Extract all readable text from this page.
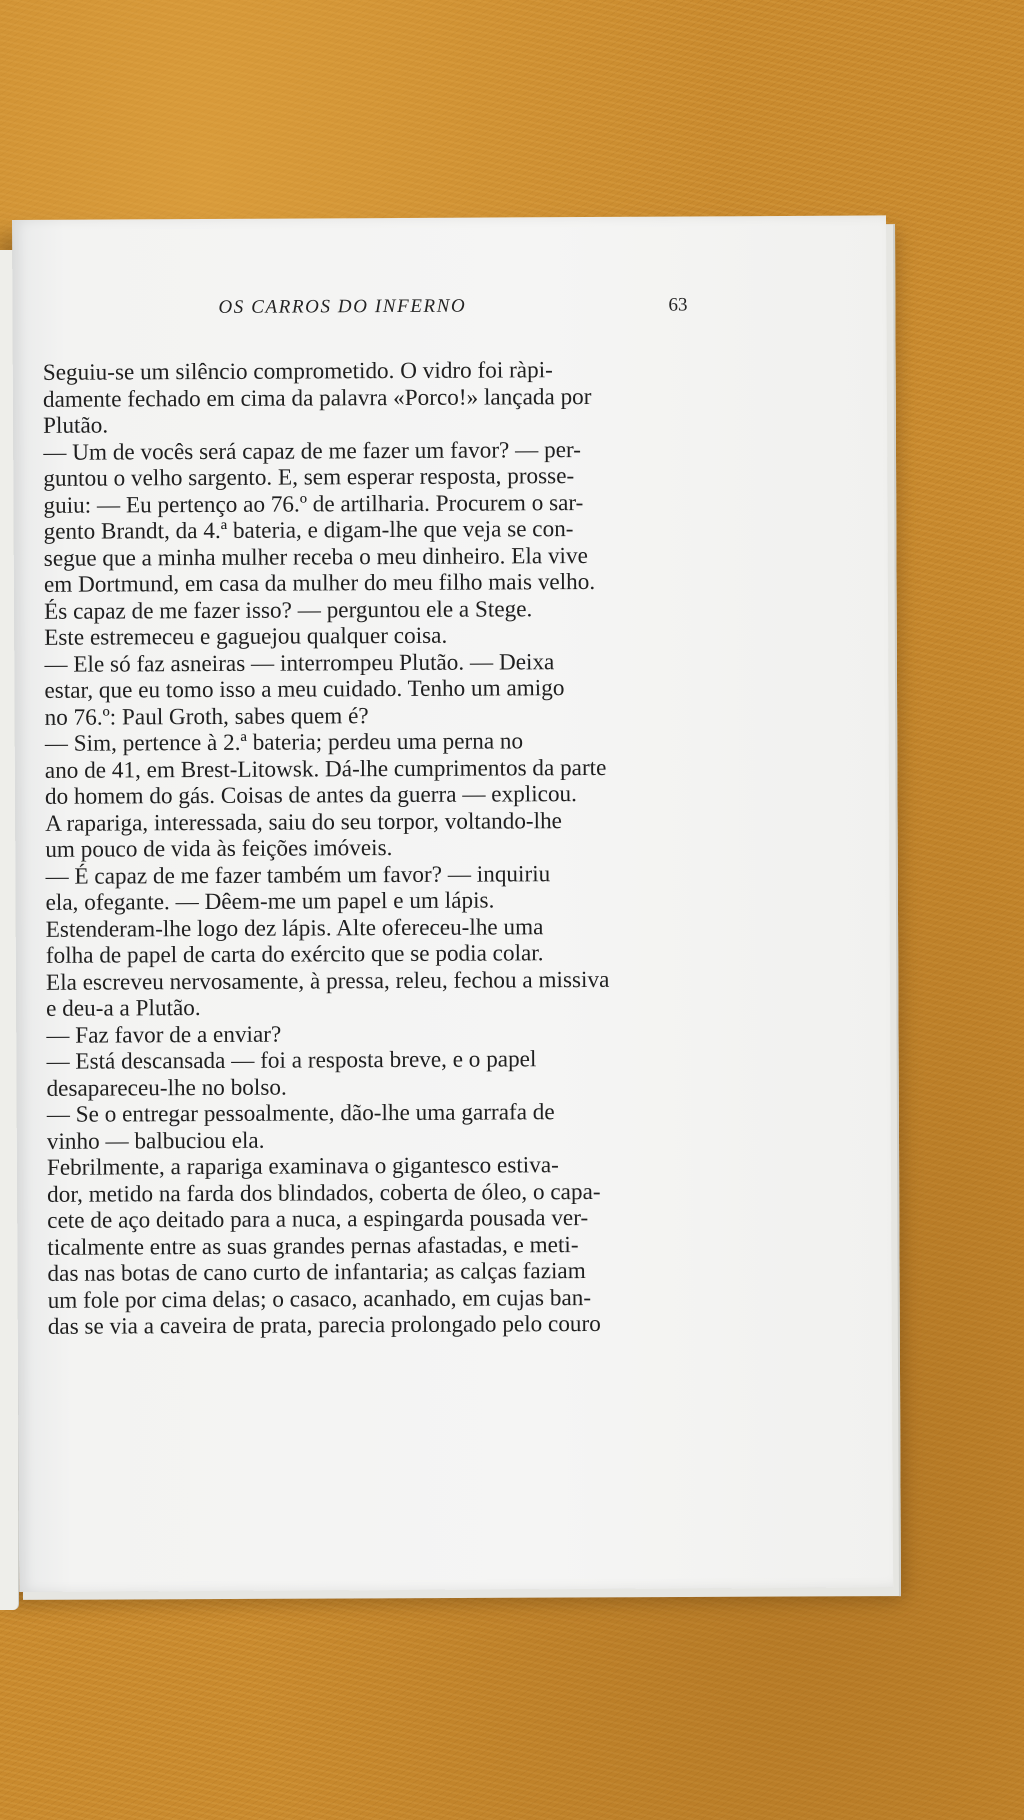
OS CARROS DO INFERNO	63
Seguiu-se um silêncio comprometido. O vidro foi ràpi-
damente fechado em cima da palavra «Porco!» lançada por
Plutão.
— Um de vocês será capaz de me fazer um favor? — per-
guntou o velho sargento. E, sem esperar resposta, prosse-
guiu: — Eu pertenço ao 76.º de artilharia. Procurem o sar-
gento Brandt, da 4.ª bateria, e digam-lhe que veja se con-
segue que a minha mulher receba o meu dinheiro. Ela vive
em Dortmund, em casa da mulher do meu filho mais velho.
És capaz de me fazer isso? — perguntou ele a Stege.
Este estremeceu e gaguejou qualquer coisa.
— Ele só faz asneiras — interrompeu Plutão. — Deixa
estar, que eu tomo isso a meu cuidado. Tenho um amigo
no 76.º: Paul Groth, sabes quem é?
— Sim, pertence à 2.ª bateria; perdeu uma perna no
ano de 41, em Brest-Litowsk. Dá-lhe cumprimentos da parte
do homem do gás. Coisas de antes da guerra — explicou.
A rapariga, interessada, saiu do seu torpor, voltando-lhe
um pouco de vida às feições imóveis.
— É capaz de me fazer também um favor? — inquiriu
ela, ofegante. — Dêem-me um papel e um lápis.
Estenderam-lhe logo dez lápis. Alte ofereceu-lhe uma
folha de papel de carta do exército que se podia colar.
Ela escreveu nervosamente, à pressa, releu, fechou a missiva
e deu-a a Plutão.
— Faz favor de a enviar?
— Está descansada — foi a resposta breve, e o papel
desapareceu-lhe no bolso.
— Se o entregar pessoalmente, dão-lhe uma garrafa de
vinho — balbuciou ela.
Febrilmente, a rapariga examinava o gigantesco estiva-
dor, metido na farda dos blindados, coberta de óleo, o capa-
cete de aço deitado para a nuca, a espingarda pousada ver-
ticalmente entre as suas grandes pernas afastadas, e meti-
das nas botas de cano curto de infantaria; as calças faziam
um fole por cima delas; o casaco, acanhado, em cujas ban-
das se via a caveira de prata, parecia prolongado pelo couro
